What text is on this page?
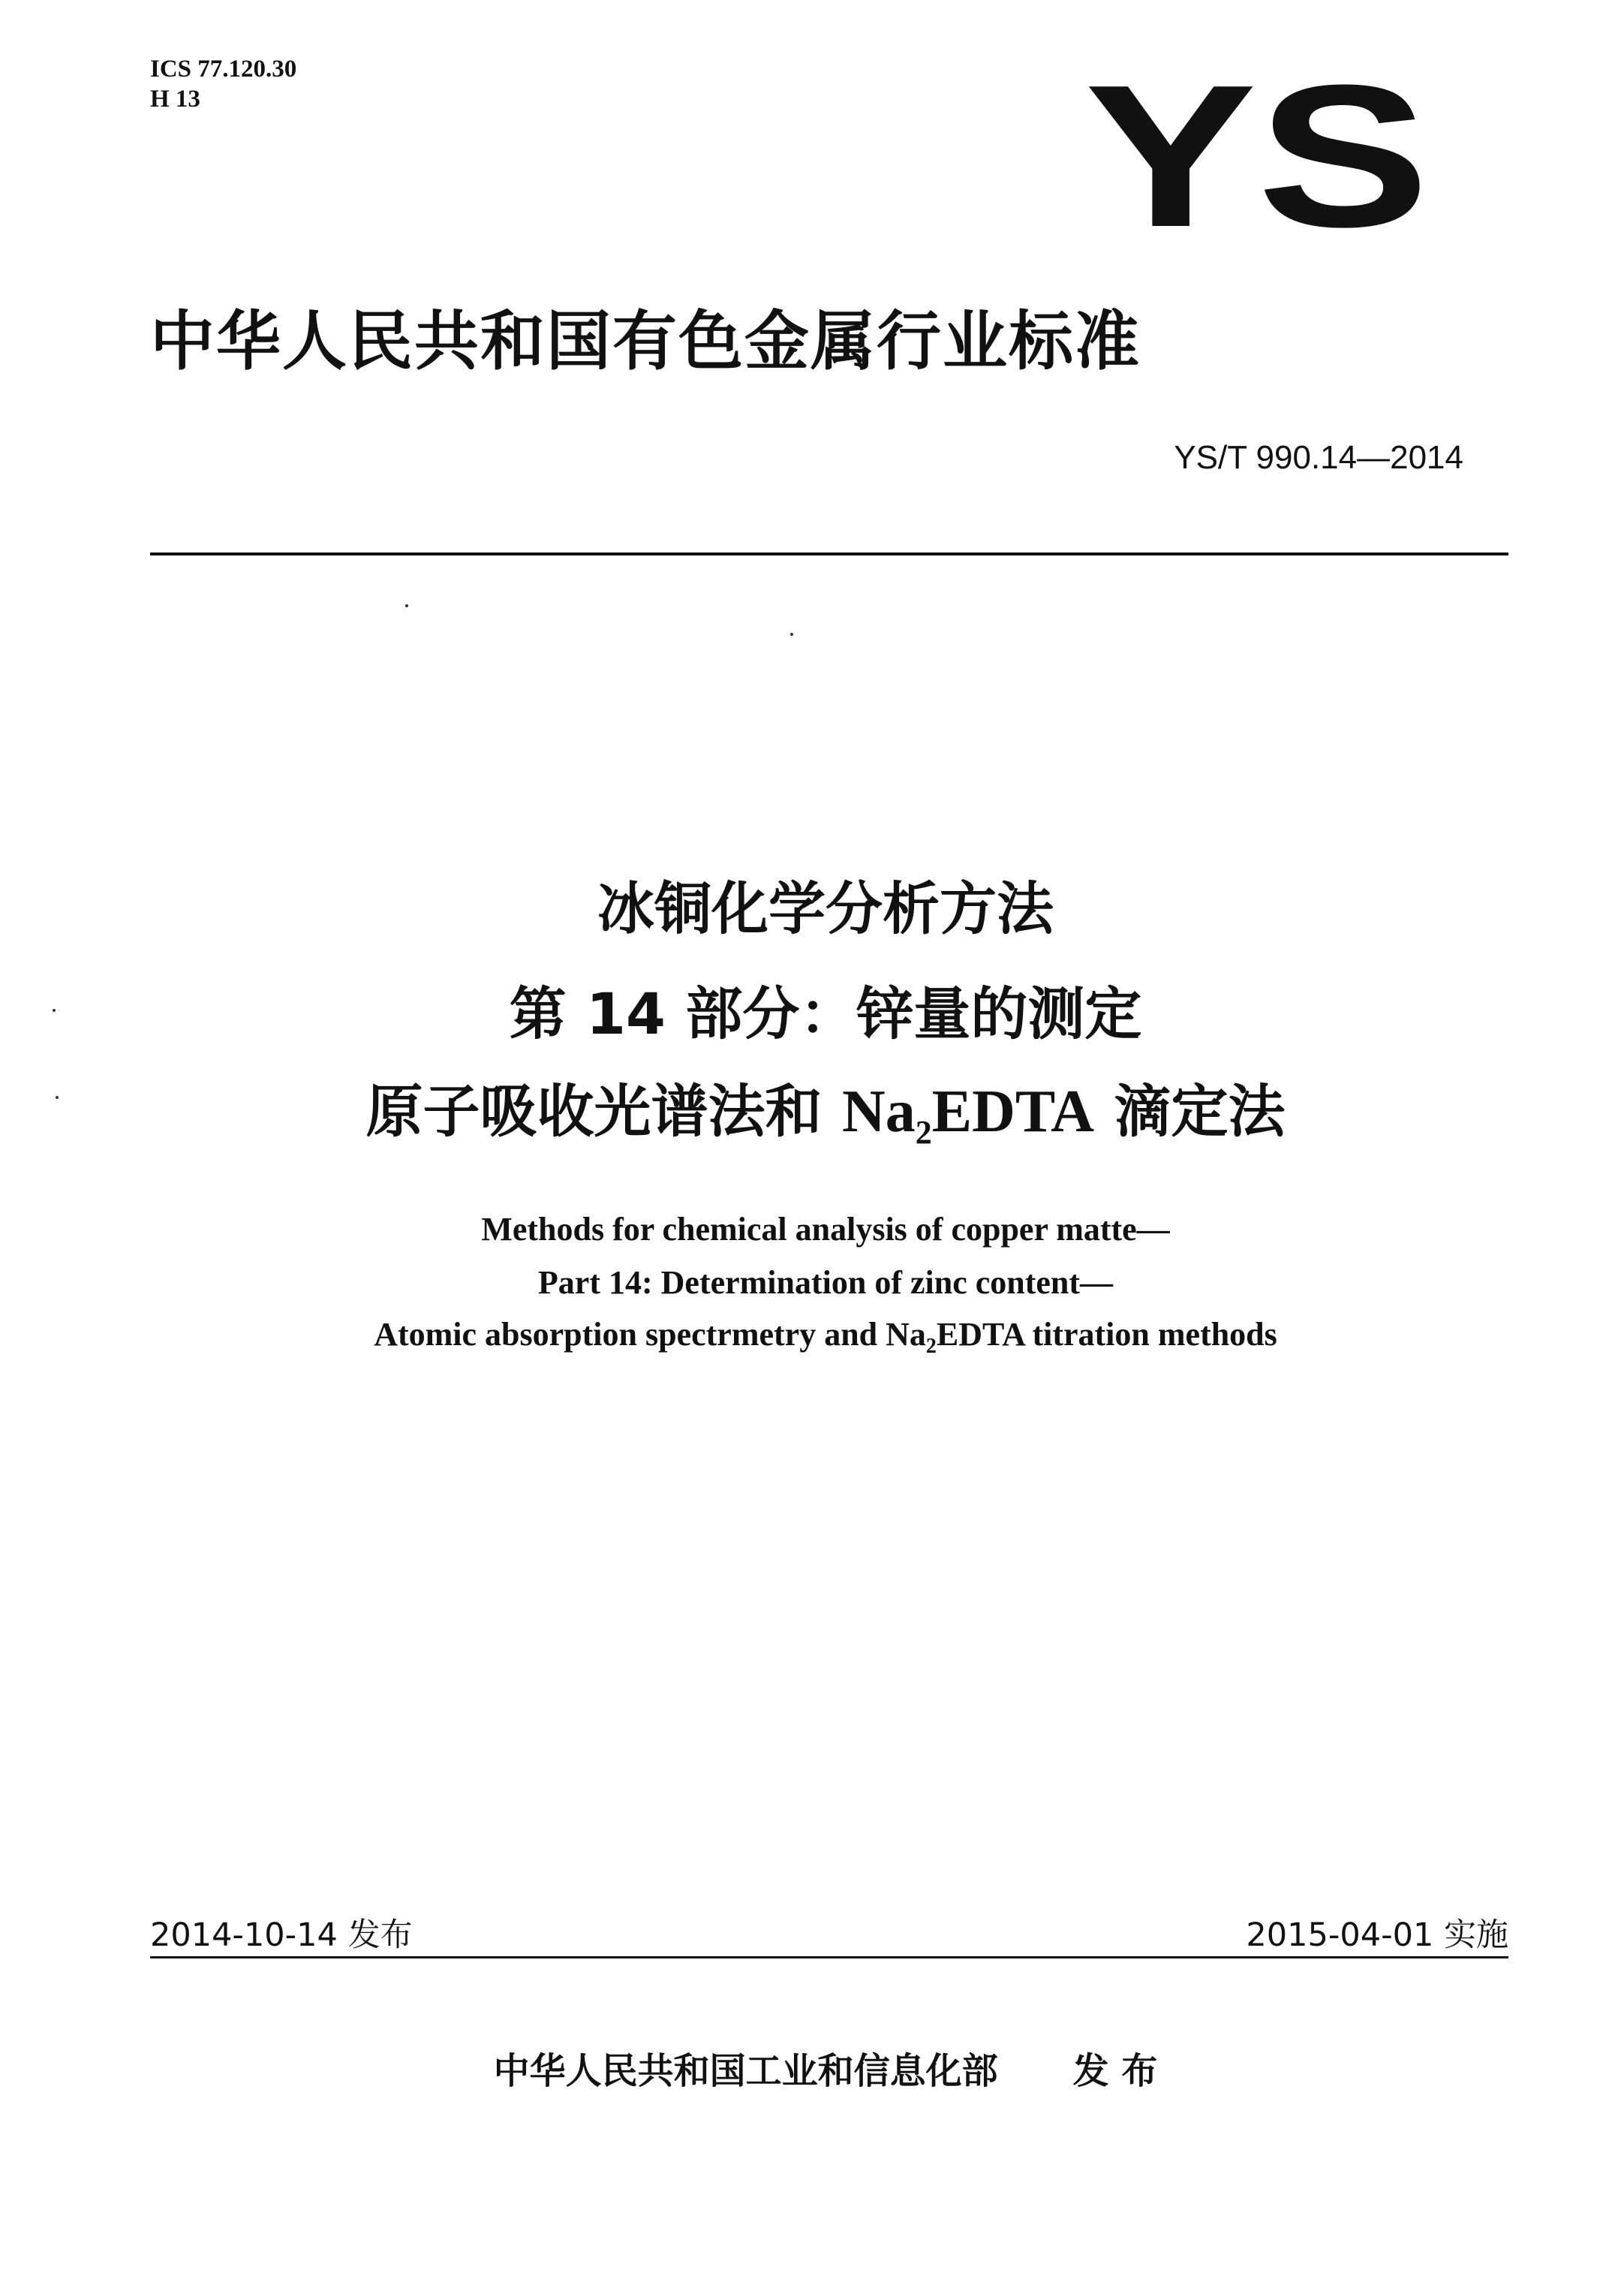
ICS 77.120.30
H 13	YS
中华人民共和国有色金属行业标准
YS/T 990.14—2014
冰铜化学分析方法
第 14 部分：锌量的测定
原子吸收光谱法和 $Na_2EDTA$ 滴定法
Methods for chemical analysis of copper matte—
Part 14: Determination of zinc content—
Atomic absorption spectrmetry and $Na_2EDTA$ titration methods
2014-10-14 发布	2015-04-01 实施
中华人民共和国工业和信息化部 发 布
